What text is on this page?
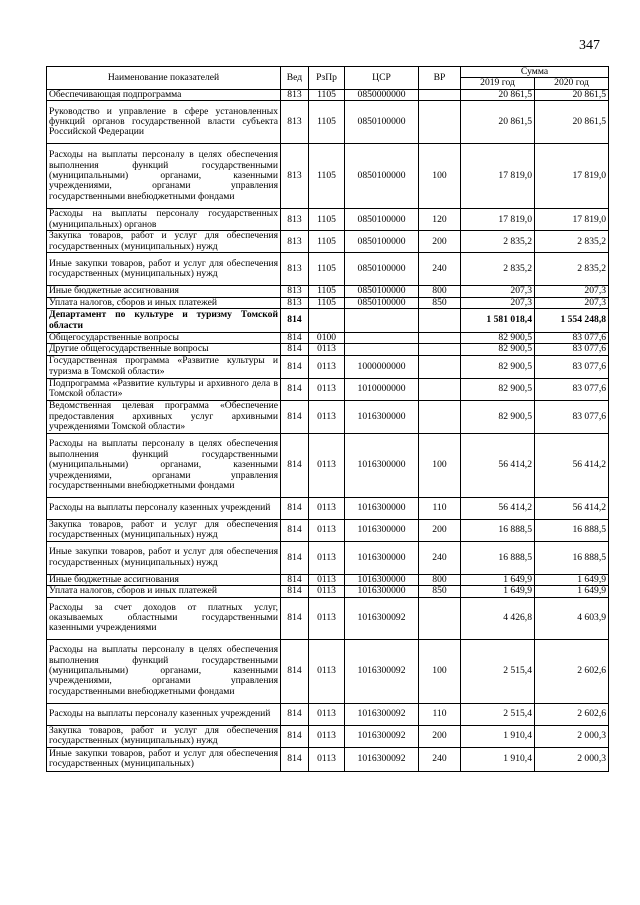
347
Наименование показателей	Вед	РзПр	ЦСР	ВР	Сумма	
					2019 год	2020 год
Обеспечивающая подпрограмма	813	1105	0850000000		20 861,5	20 861,5
Руководство и управление в сфере установленных функций органов государственной власти субъекта Российской Федерации	813	1105	0850100000		20 861,5	20 861,5
Расходы на выплаты персоналу в целях обеспечения выполнения функций государственными (муниципальными) органами, казенными учреждениями, органами управления государственными внебюджетными фондами	813	1105	0850100000	100	17 819,0	17 819,0
Расходы на выплаты персоналу государственных (муниципальных) органов	813	1105	0850100000	120	17 819,0	17 819,0
Закупка товаров, работ и услуг для обеспечения государственных (муниципальных) нужд	813	1105	0850100000	200	2 835,2	2 835,2
Иные закупки товаров, работ и услуг для обеспечения государственных (муниципальных) нужд	813	1105	0850100000	240	2 835,2	2 835,2
Иные бюджетные ассигнования	813	1105	0850100000	800	207,3	207,3
Уплата налогов, сборов и иных платежей	813	1105	0850100000	850	207,3	207,3
Департамент по культуре и туризму Томской области	814				1 581 018,4	1 554 248,8
Общегосударственные вопросы	814	0100			82 900,5	83 077,6
Другие общегосударственные вопросы	814	0113			82 900,5	83 077,6
Государственная программа «Развитие культуры и туризма в Томской области»	814	0113	1000000000		82 900,5	83 077,6
Подпрограмма «Развитие культуры и архивного дела в Томской области»	814	0113	1010000000		82 900,5	83 077,6
Ведомственная целевая программа «Обеспечение предоставления архивных услуг архивными учреждениями Томской области»	814	0113	1016300000		82 900,5	83 077,6
Расходы на выплаты персоналу в целях обеспечения выполнения функций государственными (муниципальными) органами, казенными учреждениями, органами управления государственными внебюджетными фондами	814	0113	1016300000	100	56 414,2	56 414,2
Расходы на выплаты персоналу казенных учреждений	814	0113	1016300000	110	56 414,2	56 414,2
Закупка товаров, работ и услуг для обеспечения государственных (муниципальных) нужд	814	0113	1016300000	200	16 888,5	16 888,5
Иные закупки товаров, работ и услуг для обеспечения государственных (муниципальных) нужд	814	0113	1016300000	240	16 888,5	16 888,5
Иные бюджетные ассигнования	814	0113	1016300000	800	1 649,9	1 649,9
Уплата налогов, сборов и иных платежей	814	0113	1016300000	850	1 649,9	1 649,9
Расходы за счет доходов от платных услуг, оказываемых областными государственными казенными учреждениями	814	0113	1016300092		4 426,8	4 603,9
Расходы на выплаты персоналу в целях обеспечения выполнения функций государственными (муниципальными) органами, казенными учреждениями, органами управления государственными внебюджетными фондами	814	0113	1016300092	100	2 515,4	2 602,6
Расходы на выплаты персоналу казенных учреждений	814	0113	1016300092	110	2 515,4	2 602,6
Закупка товаров, работ и услуг для обеспечения государственных (муниципальных) нужд	814	0113	1016300092	200	1 910,4	2 000,3
Иные закупки товаров, работ и услуг для обеспечения государственных (муниципальных)	814	0113	1016300092	240	1 910,4	2 000,3
